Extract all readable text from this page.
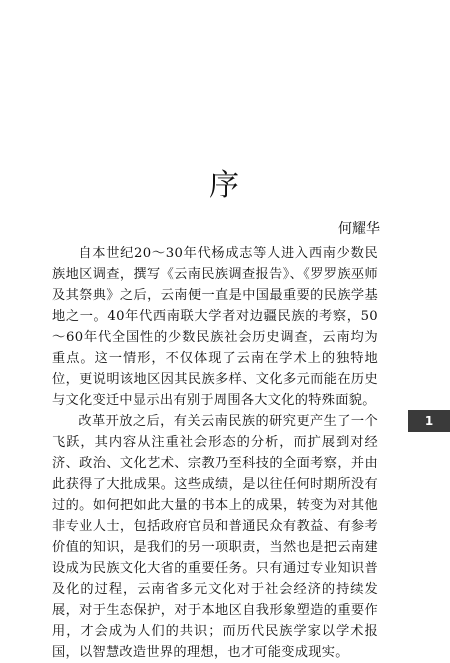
序
何耀华

自本世纪20～30年代杨成志等人进入西南少数民族地区调查，撰写《云南民族调查报告》、《罗罗族巫师及其祭典》之后，云南便一直是中国最重要的民族学基地之一。40年代西南联大学者对边疆民族的考察，50～60年代全国性的少数民族社会历史调查，云南均为重点。这一情形，不仅体现了云南在学术上的独特地位，更说明该地区因其民族多样、文化多元而能在历史与文化变迁中显示出有别于周围各大文化的特殊面貌。

改革开放之后，有关云南民族的研究更产生了一个飞跃，其内容从注重社会形态的分析，而扩展到对经济、政治、文化艺术、宗教乃至科技的全面考察，并由此获得了大批成果。这些成绩，是以往任何时期所没有过的。如何把如此大量的书本上的成果，转变为对其他非专业人士，包括政府官员和普通民众有教益、有参考价值的知识，是我们的另一项职责，当然也是把云南建设成为民族文化大省的重要任务。只有通过专业知识普及化的过程，云南省多元文化对于社会经济的持续发展，对于生态保护，对于本地区自我形象塑造的重要作用，才会成为人们的共识；而历代民族学家以学术报国，以智慧改造世界的理想，也才可能变成现实。

1
